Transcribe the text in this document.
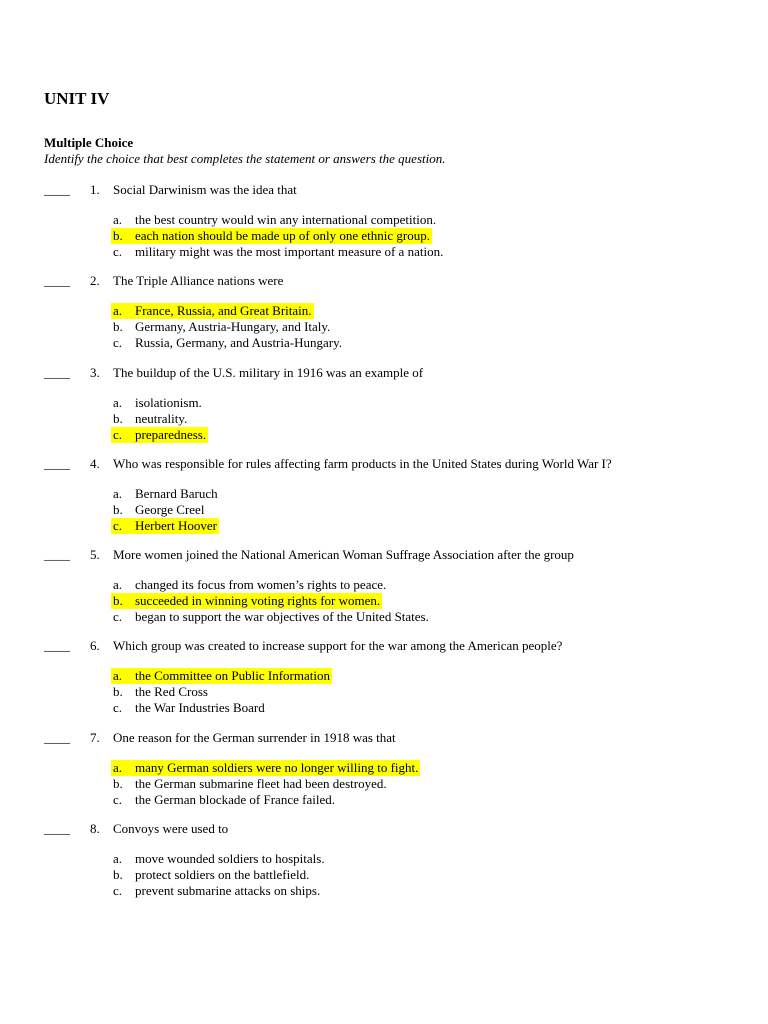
UNIT IV
Multiple Choice

Identify the choice that best completes the statement or answers the question.

____ 1. Social Darwinism was the idea that
a. the best country would win any international competition.
b. each nation should be made up of only one ethnic group.
c. military might was the most important measure of a nation.
____ 2. The Triple Alliance nations were
a. France, Russia, and Great Britain.
b. Germany, Austria-Hungary, and Italy.
c. Russia, Germany, and Austria-Hungary.
____ 3. The buildup of the U.S. military in 1916 was an example of
a. isolationism.
b. neutrality.
c. preparedness.
____ 4. Who was responsible for rules affecting farm products in the United States during World War I?
a. Bernard Baruch
b. George Creel
c. Herbert Hoover
____ 5. More women joined the National American Woman Suffrage Association after the group
a. changed its focus from women’s rights to peace.
b. succeeded in winning voting rights for women.
c. began to support the war objectives of the United States.
____ 6. Which group was created to increase support for the war among the American people?
a. the Committee on Public Information
b. the Red Cross
c. the War Industries Board
____ 7. One reason for the German surrender in 1918 was that
a. many German soldiers were no longer willing to fight.
b. the German submarine fleet had been destroyed.
c. the German blockade of France failed.
____ 8. Convoys were used to
a. move wounded soldiers to hospitals.
b. protect soldiers on the battlefield.
c. prevent submarine attacks on ships.
